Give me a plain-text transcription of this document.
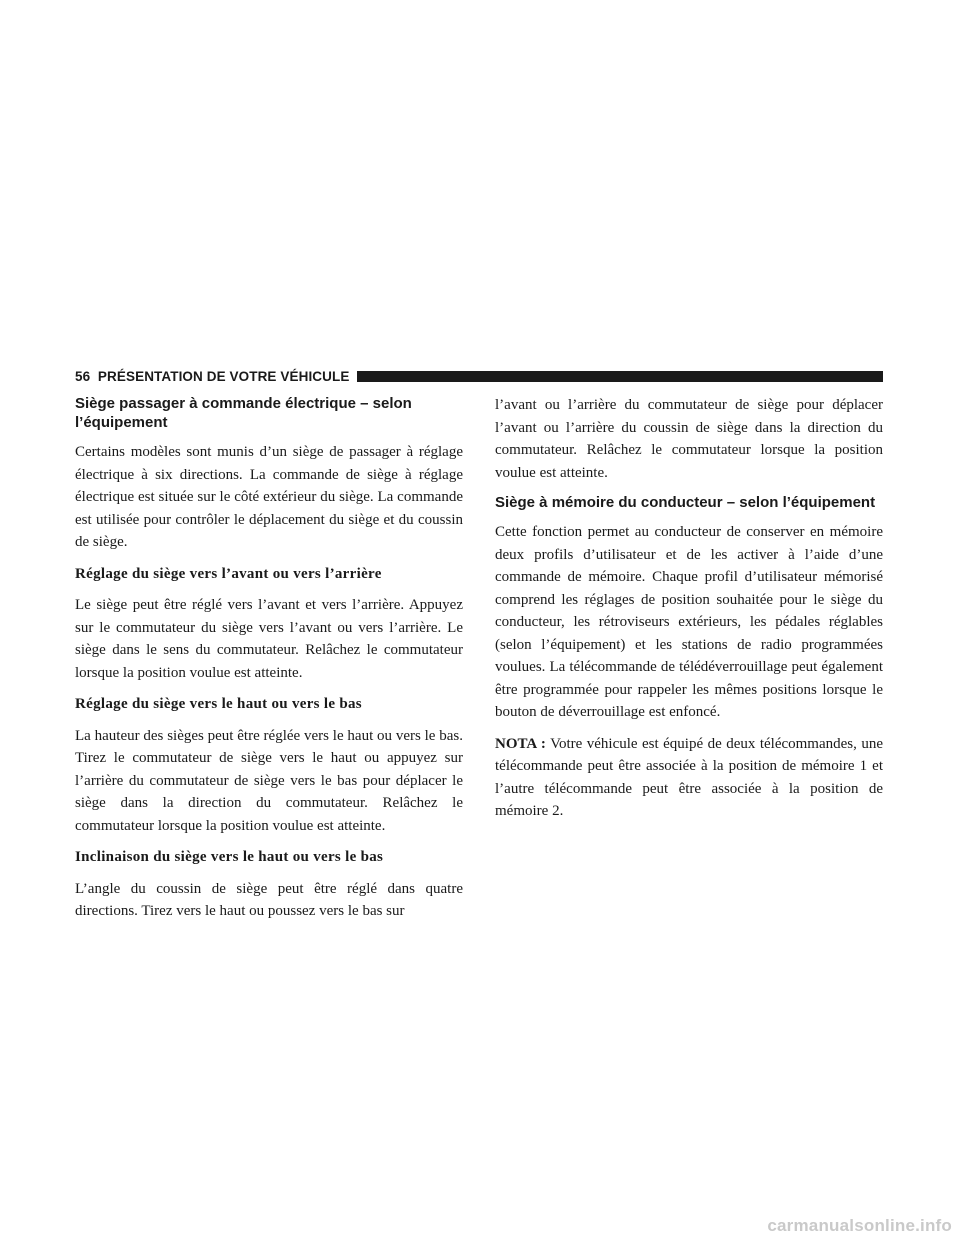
56 PRÉSENTATION DE VOTRE VÉHICULE
Siège passager à commande électrique – selon l’équipement

Certains modèles sont munis d’un siège de passager à réglage électrique à six directions. La commande de siège à réglage électrique est située sur le côté extérieur du siège. La commande est utilisée pour contrôler le déplacement du siège et du coussin de siège.

Réglage du siège vers l’avant ou vers l’arrière

Le siège peut être réglé vers l’avant et vers l’arrière. Appuyez sur le commutateur du siège vers l’avant ou vers l’arrière. Le siège dans le sens du commutateur. Relâchez le commutateur lorsque la position voulue est atteinte.

Réglage du siège vers le haut ou vers le bas

La hauteur des sièges peut être réglée vers le haut ou vers le bas. Tirez le commutateur de siège vers le haut ou appuyez sur l’arrière du commutateur de siège vers le bas pour déplacer le siège dans la direction du commutateur. Relâchez le commutateur lorsque la position voulue est atteinte.

Inclinaison du siège vers le haut ou vers le bas

L’angle du coussin de siège peut être réglé dans quatre directions. Tirez vers le haut ou poussez vers le bas sur

l’avant ou l’arrière du commutateur de siège pour déplacer l’avant ou l’arrière du coussin de siège dans la direction du commutateur. Relâchez le commutateur lorsque la position voulue est atteinte.

Siège à mémoire du conducteur – selon l’équipement

Cette fonction permet au conducteur de conserver en mémoire deux profils d’utilisateur et de les activer à l’aide d’une commande de mémoire. Chaque profil d’utilisateur mémorisé comprend les réglages de position souhaitée pour le siège du conducteur, les rétroviseurs extérieurs, les pédales réglables (selon l’équipement) et les stations de radio programmées voulues. La télécommande de télédéverrouillage peut également être programmée pour rappeler les mêmes positions lorsque le bouton de déverrouillage est enfoncé.

NOTA : Votre véhicule est équipé de deux télécommandes, une télécommande peut être associée à la position de mémoire 1 et l’autre télécommande peut être associée à la position de mémoire 2.

carmanualsonline.info
